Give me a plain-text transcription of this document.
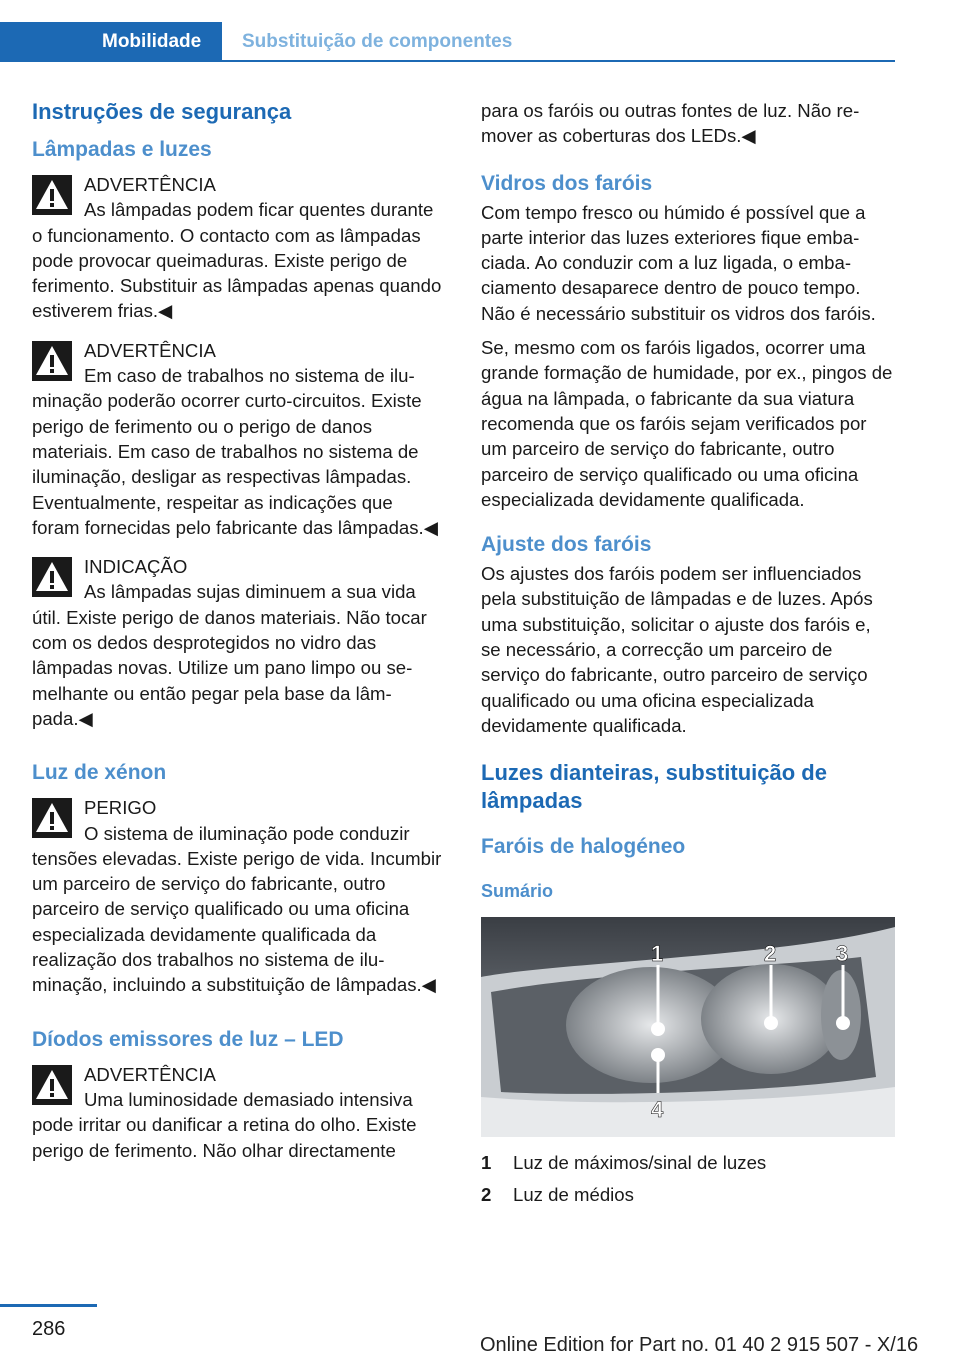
Mobilidade	Substituição de componentes
Instruções de segurança
Lâmpadas e luzes
ADVERTÊNCIA
As lâmpadas podem ficar quentes durante o funcionamento. O contacto com as lâmpadas pode provocar queimaduras. Existe perigo de ferimento. Substituir as lâmpadas apenas quando estiverem frias.◀
ADVERTÊNCIA
Em caso de trabalhos no sistema de iluminação poderão ocorrer curto-circuitos. Existe perigo de ferimento ou o perigo de danos materiais. Em caso de trabalhos no sistema de iluminação, desligar as respectivas lâmpadas. Eventualmente, respeitar as indicações que foram fornecidas pelo fabricante das lâmpadas.◀
INDICAÇÃO
As lâmpadas sujas diminuem a sua vida útil. Existe perigo de danos materiais. Não tocar com os dedos desprotegidos no vidro das lâmpadas novas. Utilize um pano limpo ou semelhante ou então pegar pela base da lâmpada.◀
Luz de xénon
PERIGO
O sistema de iluminação pode conduzir tensões elevadas. Existe perigo de vida. Incumbir um parceiro de serviço do fabricante, outro parceiro de serviço qualificado ou uma oficina especializada devidamente qualificada da realização dos trabalhos no sistema de iluminação, incluindo a substituição de lâmpadas.◀
Díodos emissores de luz – LED
ADVERTÊNCIA
Uma luminosidade demasiado intensiva pode irritar ou danificar a retina do olho. Existe perigo de ferimento. Não olhar directamente

para os faróis ou outras fontes de luz. Não remover as coberturas dos LEDs.◀

Vidros dos faróis

Com tempo fresco ou húmido é possível que a parte interior das luzes exteriores fique embaciada. Ao conduzir com a luz ligada, o embaciamento desaparece dentro de pouco tempo. Não é necessário substituir os vidros dos faróis.

Se, mesmo com os faróis ligados, ocorrer uma grande formação de humidade, por ex., pingos de água na lâmpada, o fabricante da sua viatura recomenda que os faróis sejam verificados por um parceiro de serviço do fabricante, outro parceiro de serviço qualificado ou uma oficina especializada devidamente qualificada.

Ajuste dos faróis

Os ajustes dos faróis podem ser influenciados pela substituição de lâmpadas e de luzes. Após uma substituição, solicitar o ajuste dos faróis e, se necessário, a correcção um parceiro de serviço do fabricante, outro parceiro de serviço qualificado ou uma oficina especializada devidamente qualificada.

Luzes dianteiras, substituição de lâmpadas
Faróis de halogéneo
Sumário
1	2	3
4
1	Luz de máximos/sinal de luzes
2	Luz de médios
286
Online Edition for Part no. 01 40 2 915 507 - X/16
